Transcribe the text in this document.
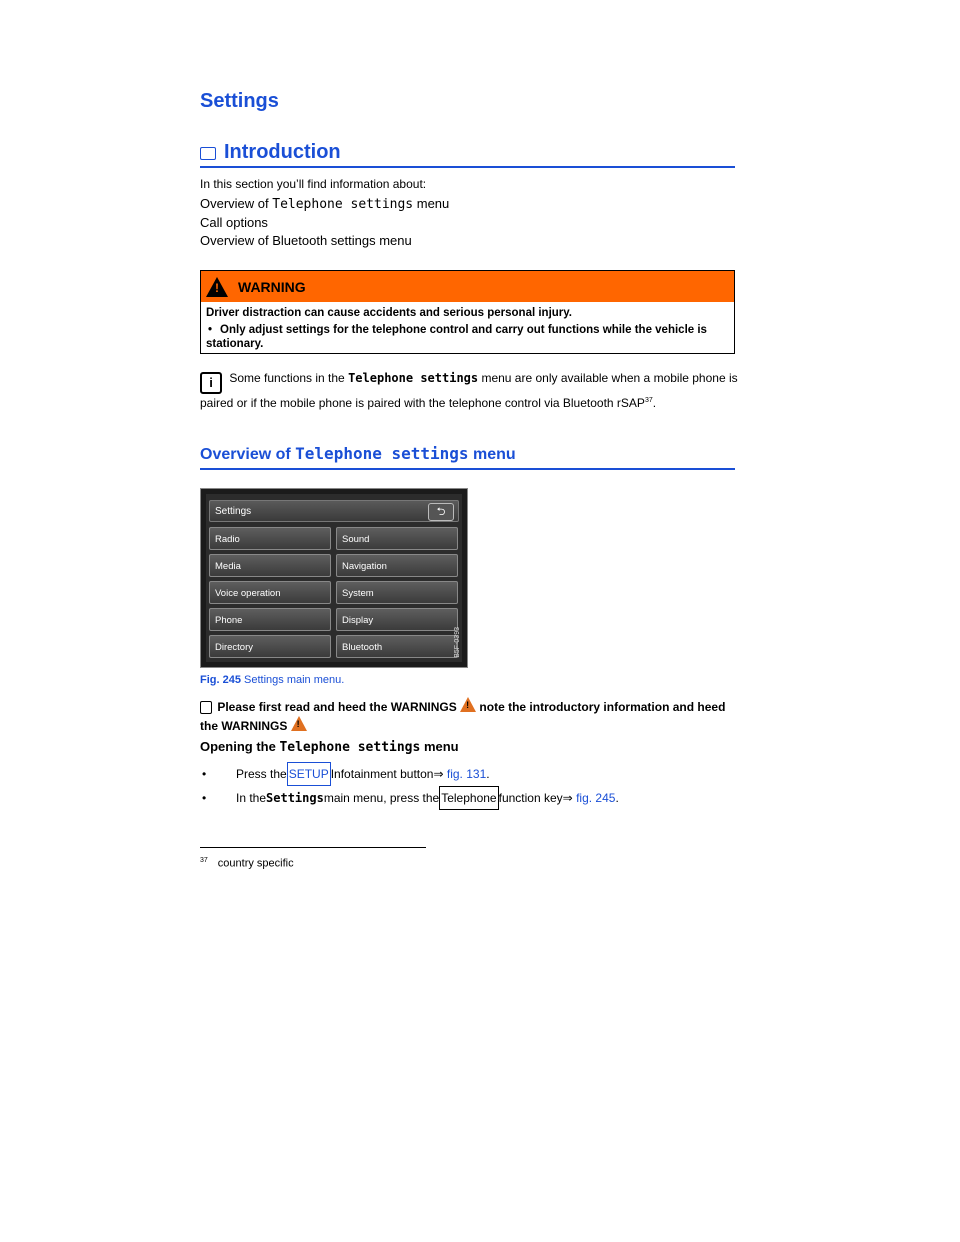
Settings
Introduction
In this section you’ll find information about:
Overview of Telephone settings menu
Call options
Overview of Bluetooth settings menu
! WARNING
Driver distraction can cause accidents and serious personal injury.
• Only adjust settings for the telephone control and carry out functions while the vehicle is stationary.
i Some functions in the Telephone settings menu are only available when a mobile phone is paired or if the mobile phone is paired with the telephone control via Bluetooth rSAP$^{37}$.
Overview of Telephone settings menu
Settings	⮌
Radio	Sound
Media	Navigation
Voice operation	System
Phone	Display
Directory	Bluetooth	B5F-0393
Fig. 245 Settings main menu.
Please first read and heed the WARNINGS ! note the introductory information and heed the WARNINGS !
Opening the Telephone settings menu
•	Press the SETUP Infotainment button ⇒
fig. 131 .
•	In the Settings main menu, press the Telephone function key ⇒
fig. 245 .
$^{37}$ country specific
